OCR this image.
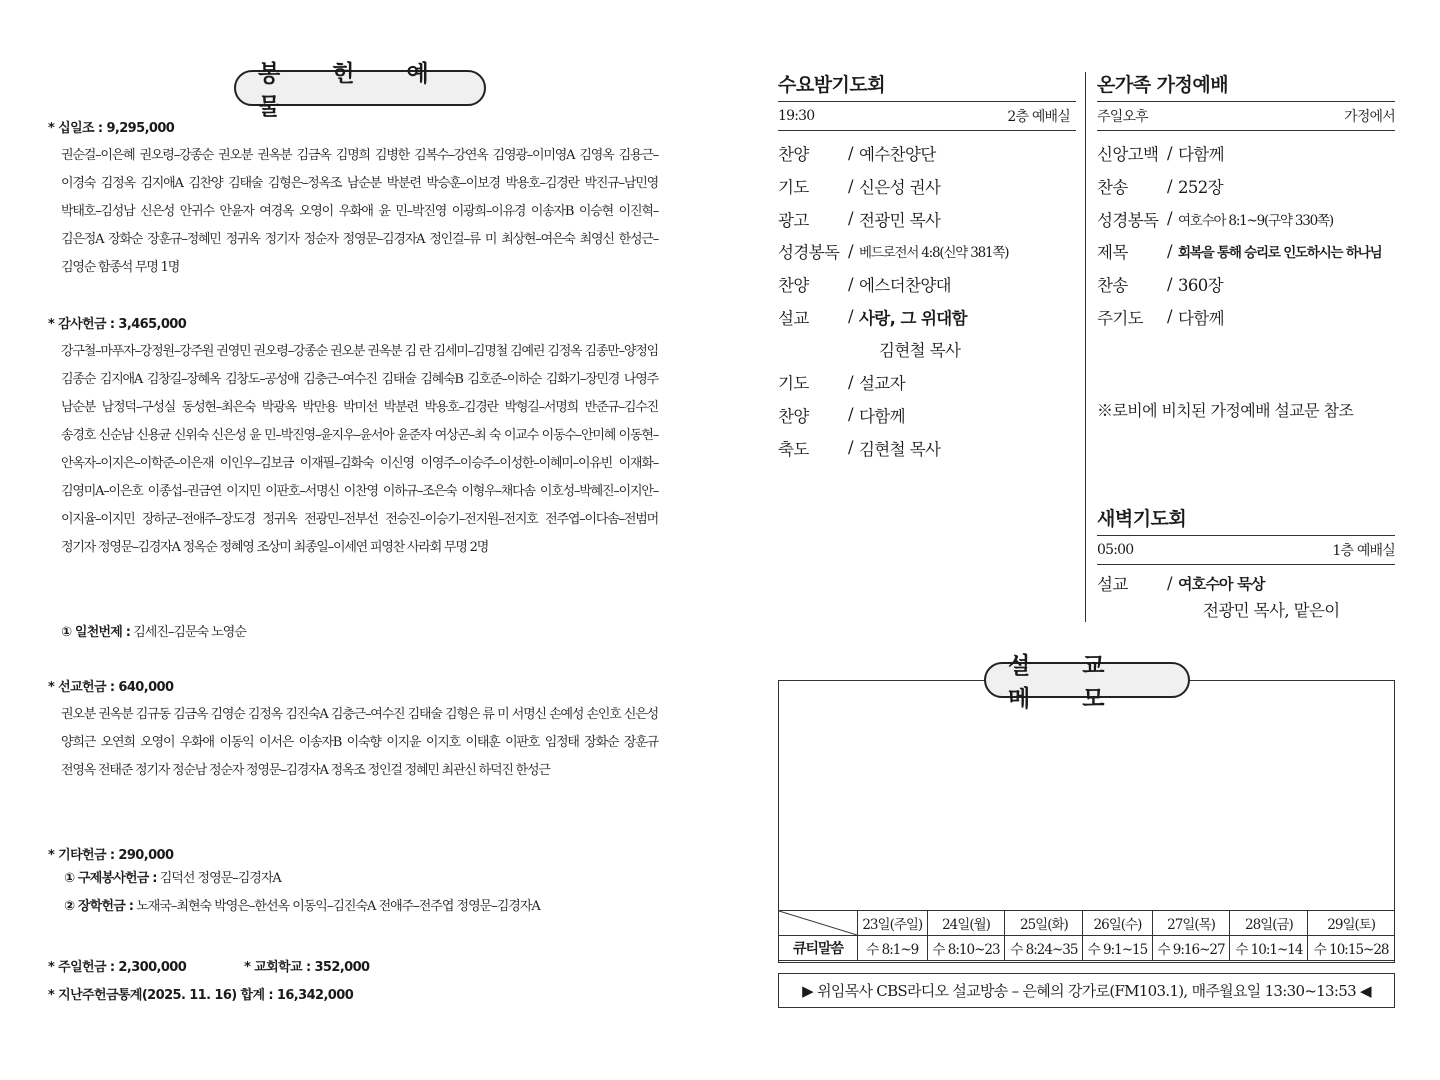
봉 헌 예 물
* 십일조 : 9,295,000
권순걸–이은혜 권오령–강종순 권오분 권옥분 김금옥 김명희 김병한 김복수–강연옥 김영광–이미영A 김영옥 김용근–이경숙 김정옥 김지애A 김찬양 김태술 김형은–정옥조 남순분 박분련 박승훈–이보경 박용호–김경란 박진규–남민영 박태호–김성남 신은성 안귀수 안윤자 여경옥 오영이 우화애 윤 민–박진영 이광희–이유경 이송자B 이승현 이진혁–김은정A 장화순 장훈규–정혜민 정귀옥 정기자 정순자 정영문–김경자A 정인걸–류 미 최상현–여은숙 최영신 한성근–김영순 함종석 무명 1명
* 감사헌금 : 3,465,000
강구철–마푸자–강정원–강주원 권영민 권오령–강종순 권오분 권옥분 김 란 김세미–김명철 김예린 김정옥 김종만–양정임 김종순 김지애A 김창길–장혜옥 김창도–공성애 김충근–여수진 김태술 김혜숙B 김호준–이하순 김화기–장민경 나영주 남순분 남정덕–구성실 동성현–최은숙 박광옥 박만용 박미선 박분련 박용호–김경란 박형길–서명희 반준규–김수진 송경호 신순남 신용균 신위숙 신은성 윤 민–박진영–윤지우–윤서아 윤준자 여상곤–최 숙 이교수 이동수–안미혜 이동현–안옥자–이지은–이학준–이은재 이인우–김보금 이재필–김화숙 이신영 이영주–이승주–이성한–이혜미–이유빈 이재화–김영미A–이은호 이종섭–권금연 이지민 이판호–서명신 이찬영 이하규–조은숙 이형우–채다솜 이호성–박혜진–이지안–이지율–이지민 장하군–전애주–장도경 정귀옥 전광민–전부선 전승진–이승기–전지원–전지호 전주엽–이다솜–전범머 정기자 정영문–김경자A 정옥순 정혜영 조상미 최종일–이세연 피영찬 사라회 무명 2명
① 일천번제 : 김세진–김문숙 노영순
* 선교헌금 : 640,000
권오분 권옥분 김규동 김금옥 김영순 김정옥 김진숙A 김충근–여수진 김태술 김형은 류 미 서명신 손예성 손인호 신은성 양희근 오연희 오영이 우화애 이동익 이서은 이송자B 이숙향 이지윤 이지호 이태훈 이판호 임정태 장화순 장훈규 전영옥 전태준 정기자 정순남 정순자 정영문–김경자A 정옥조 정인걸 정혜민 최관신 하덕진 한성근
* 기타헌금 : 290,000
① 구제봉사헌금 : 김덕선 정영문–김경자A
② 장학헌금 : 노재국–최현숙 박영은–한선옥 이동익–김진숙A 전애주–전주엽 정영문–김경자A
* 주일헌금 : 2,300,000	* 교회학교 : 352,000
* 지난주헌금통계(2025. 11. 16) 합계 : 16,342,000
수요밤기도회
19:30	2층 예배실
찬양	/ 예수찬양단
기도	/ 신은성 권사
광고	/ 전광민 목사
성경봉독 / 베드로전서 4:8(신약 381쪽)
찬양	/ 에스더찬양대
설교	/ 사랑, 그 위대함
김현철 목사
기도	/ 설교자
찬양	/ 다함께
축도	/ 김현철 목사
온가족 가정예배
주일오후	가정에서
신앙고백 / 다함께
찬송	/ 252장
성경봉독 / 여호수아 8:1~9(구약 330쪽)
제목	/ 회복을 통해 승리로 인도하시는 하나님
찬송	/ 360장
주기도	/ 다함께
※로비에 비치된 가정예배 설교문 참조
새벽기도회
05:00	1층 예배실
설교	/ 여호수아 묵상
전광민 목사, 맡은이
설 교 메 모
	23일(주일)	24일(월)	25일(화)	26일(수)	27일(목)	28일(금)	29일(토)
큐티말씀	수 8:1~9	수 8:10~23	수 8:24~35	수 9:1~15	수 9:16~27	수 10:1~14	수 10:15~28
▶ 위임목사 CBS라디오 설교방송 – 은혜의 강가로(FM103.1), 매주월요일 13:30~13:53 ◀
